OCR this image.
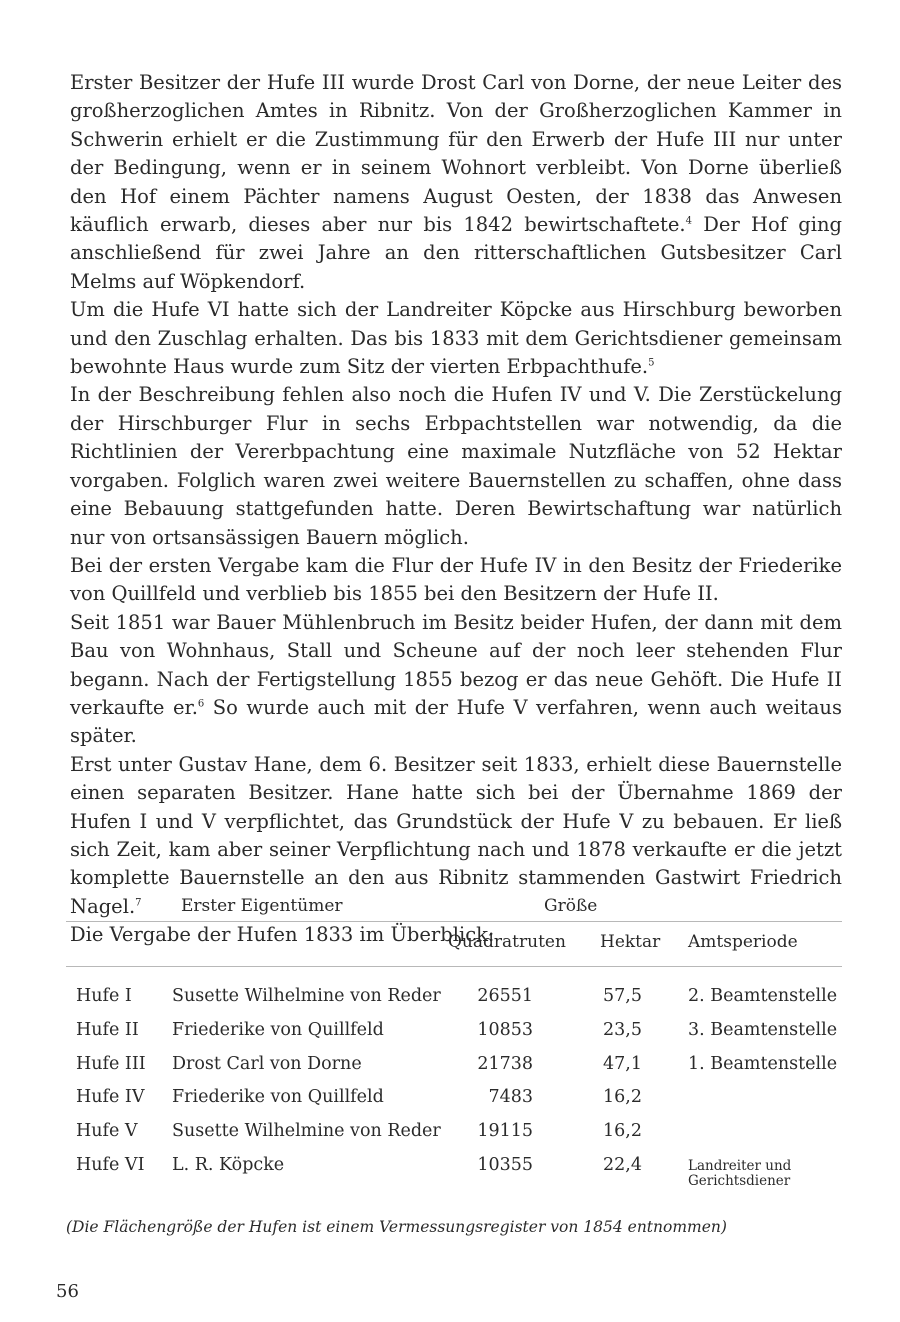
Erster Besitzer der Hufe III wurde Drost Carl von Dorne, der neue Leiter des großherzoglichen Amtes in Ribnitz. Von der Großherzoglichen Kammer in Schwerin erhielt er die Zustimmung für den Erwerb der Hufe III nur unter der Bedingung, wenn er in seinem Wohnort verbleibt. Von Dorne überließ den Hof einem Pächter namens August Oesten, der 1838 das Anwesen käuflich erwarb, dieses aber nur bis 1842 bewirtschaftete.$^4$ Der Hof ging anschließend für zwei Jahre an den ritterschaftlichen Gutsbesitzer Carl Melms auf Wöpkendorf.

Um die Hufe VI hatte sich der Landreiter Köpcke aus Hirschburg beworben und den Zuschlag erhalten. Das bis 1833 mit dem Gerichtsdiener gemeinsam bewohnte Haus wurde zum Sitz der vierten Erbpachthufe.$^5$

In der Beschreibung fehlen also noch die Hufen IV und V. Die Zerstückelung der Hirschburger Flur in sechs Erbpachtstellen war notwendig, da die Richtlinien der Vererbpachtung eine maximale Nutzfläche von 52 Hektar vorgaben. Folglich waren zwei weitere Bauernstellen zu schaffen, ohne dass eine Bebauung stattgefunden hatte. Deren Bewirtschaftung war natürlich nur von ortsansässigen Bauern möglich.

Bei der ersten Vergabe kam die Flur der Hufe IV in den Besitz der Friederike von Quillfeld und verblieb bis 1855 bei den Besitzern der Hufe II.

Seit 1851 war Bauer Mühlenbruch im Besitz beider Hufen, der dann mit dem Bau von Wohnhaus, Stall und Scheune auf der noch leer stehenden Flur begann. Nach der Fertigstellung 1855 bezog er das neue Gehöft. Die Hufe II verkaufte er.$^6$ So wurde auch mit der Hufe V verfahren, wenn auch weitaus später.

Erst unter Gustav Hane, dem 6. Besitzer seit 1833, erhielt diese Bauernstelle einen separaten Besitzer. Hane hatte sich bei der Übernahme 1869 der Hufen I und V verpflichtet, das Grundstück der Hufe V zu bebauen. Er ließ sich Zeit, kam aber seiner Verpflichtung nach und 1878 verkaufte er die jetzt komplette Bauernstelle an den aus Ribnitz stammenden Gastwirt Friedrich Nagel.$^7$

Die Vergabe der Hufen 1833 im Überblick:

Erster Eigentümer	Größe
Quadratruten Hektar Amtsperiode
Hufe I Susette Wilhelmine von Reder	26551	57,5	2. Beamtenstelle
Hufe II Friederike von Quillfeld	10853	23,5	3. Beamtenstelle
Hufe III Drost Carl von Dorne	21738	47,1	1. Beamtenstelle
Hufe IV Friederike von Quillfeld	7483	16,2
Hufe V Susette Wilhelmine von Reder	19115	16,2
Hufe VI L. R. Köpcke	10355	22,4	Landreiter und Gerichtsdiener
(Die Flächengröße der Hufen ist einem Vermessungsregister von 1854 entnommen)
56
